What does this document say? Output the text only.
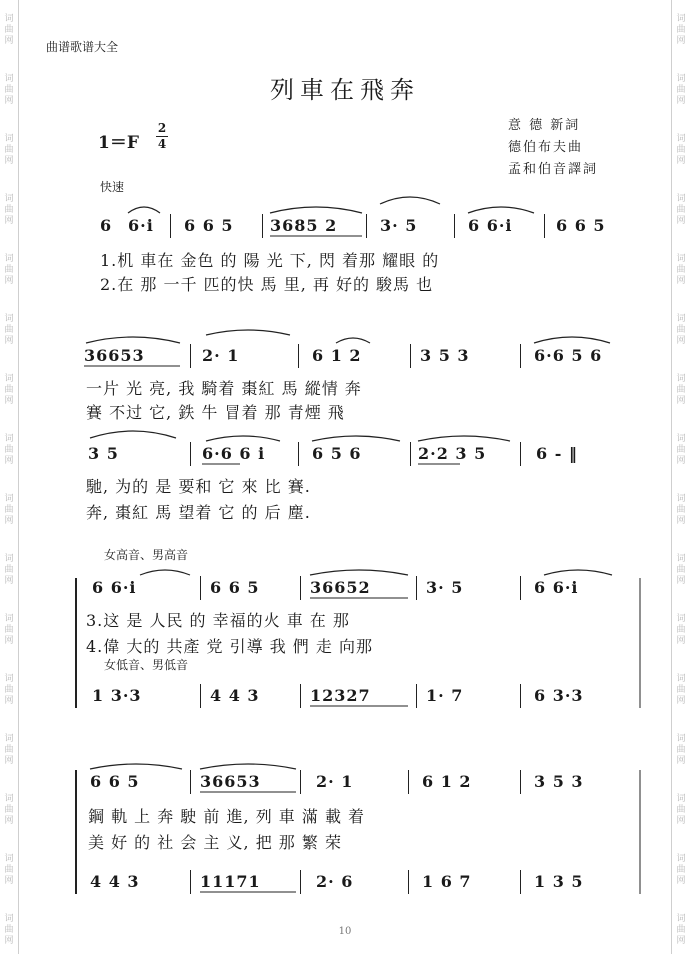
词
曲
网
词
曲
网
词
曲
网
词
曲
网
词
曲
网
词
曲
网
词
曲
网
词
曲
网
词
曲
网
词
曲
网
词
曲
网
词
曲
网
词
曲
网
词
曲
网
词
曲
网
词
曲
网
词
曲
网
词
曲
网
词
曲
网
词
曲
网
词
曲
网
词
曲
网
词
曲
网
词
曲
网
词
曲
网
词
曲
网
词
曲
网
词
曲
网
词
曲
网
词
曲
网
词
曲
网
词
曲
网
曲谱歌谱大全
列車在飛奔
1＝F
2
4
意 德 新詞
德伯布夫曲
孟和伯音譯詞
快速
6 6·i 6 6 5 3685 2	3· 5	6 6·i	6 6 5
1.机 車在 金色 的 陽 光 下, 閃 着那 耀眼 的
2.在 那 一千 匹的快 馬 里, 再 好的 駿馬 也
36653	2· 1	6 1 2	3 5 3	6·6 5 6
一片 光 亮, 我 騎着 棗紅 馬 縱情 奔
賽 不过 它, 鉄 牛 冒着 那 青煙 飛
3 5	6·6 6 i	6 5 6	2·2 3 5	6 - ‖
馳, 为的 是 要和 它 來 比 賽.
奔, 棗紅 馬 望着 它 的 后 塵.
女高音、男高音
6 6·i	6 6 5	36652	3· 5	6 6·i
3.这 是 人民 的 幸福的火 車 在 那
4.偉 大的 共產 党 引導 我 們 走 向那
女低音、男低音
1 3·3	4 4 3	12327	1· 7	6 3·3
6 6 5	36653	2· 1	6 1 2	3 5 3
鋼 軌 上 奔 駛 前 進, 列 車 滿 載 着
美 好 的 社 会 主 义, 把 那 繁 荣
4 4 3	11171	2· 6	1 6 7	1 3 5
10
